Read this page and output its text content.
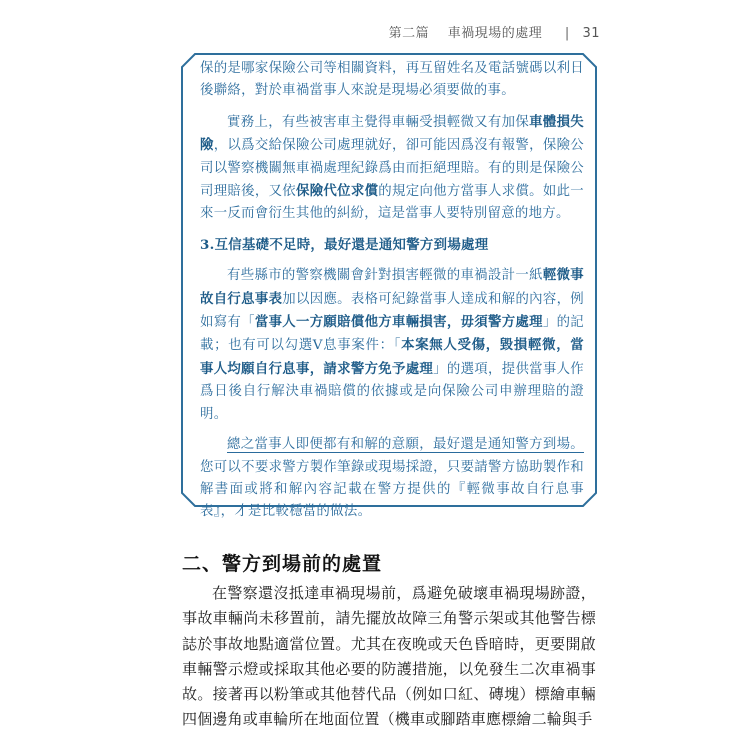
第二篇 車禍現場的處理 | 31

保的是哪家保險公司等相關資料，再互留姓名及電話號碼以利日後聯絡，對於車禍當事人來說是現場必須要做的事。

實務上，有些被害車主覺得車輛受損輕微又有加保車體損失險，以爲交給保險公司處理就好，卻可能因爲沒有報警，保險公司以警察機關無車禍處理紀錄爲由而拒絕理賠。有的則是保險公司理賠後，又依保險代位求償的規定向他方當事人求償。如此一來一反而會衍生其他的糾紛，這是當事人要特別留意的地方。

3.互信基礎不足時，最好還是通知警方到場處理

有些縣市的警察機關會針對損害輕微的車禍設計一紙輕微事故自行息事表加以因應。表格可紀錄當事人達成和解的內容，例如寫有「當事人一方願賠償他方車輛損害，毋須警方處理」的記載；也有可以勾選V息事案件：「本案無人受傷，毀損輕微，當事人均願自行息事，請求警方免予處理」的選項，提供當事人作爲日後自行解決車禍賠償的依據或是向保險公司申辦理賠的證明。

總之當事人即便都有和解的意願，最好還是通知警方到場。您可以不要求警方製作筆錄或現場採證，只要請警方協助製作和解書面或將和解內容記載在警方提供的『輕微事故自行息事表』，才是比較穩當的做法。

二、警方到場前的處置

在警察還沒抵達車禍現場前，爲避免破壞車禍現場跡證，事故車輛尚未移置前，請先擺放故障三角警示架或其他警告標誌於事故地點適當位置。尤其在夜晚或天色昏暗時，更要開啟車輛警示燈或採取其他必要的防護措施，以免發生二次車禍事故。接著再以粉筆或其他替代品（例如口紅、磚塊）標繪車輛四個邊角或車輪所在地面位置（機車或腳踏車應標繪二輪與手
